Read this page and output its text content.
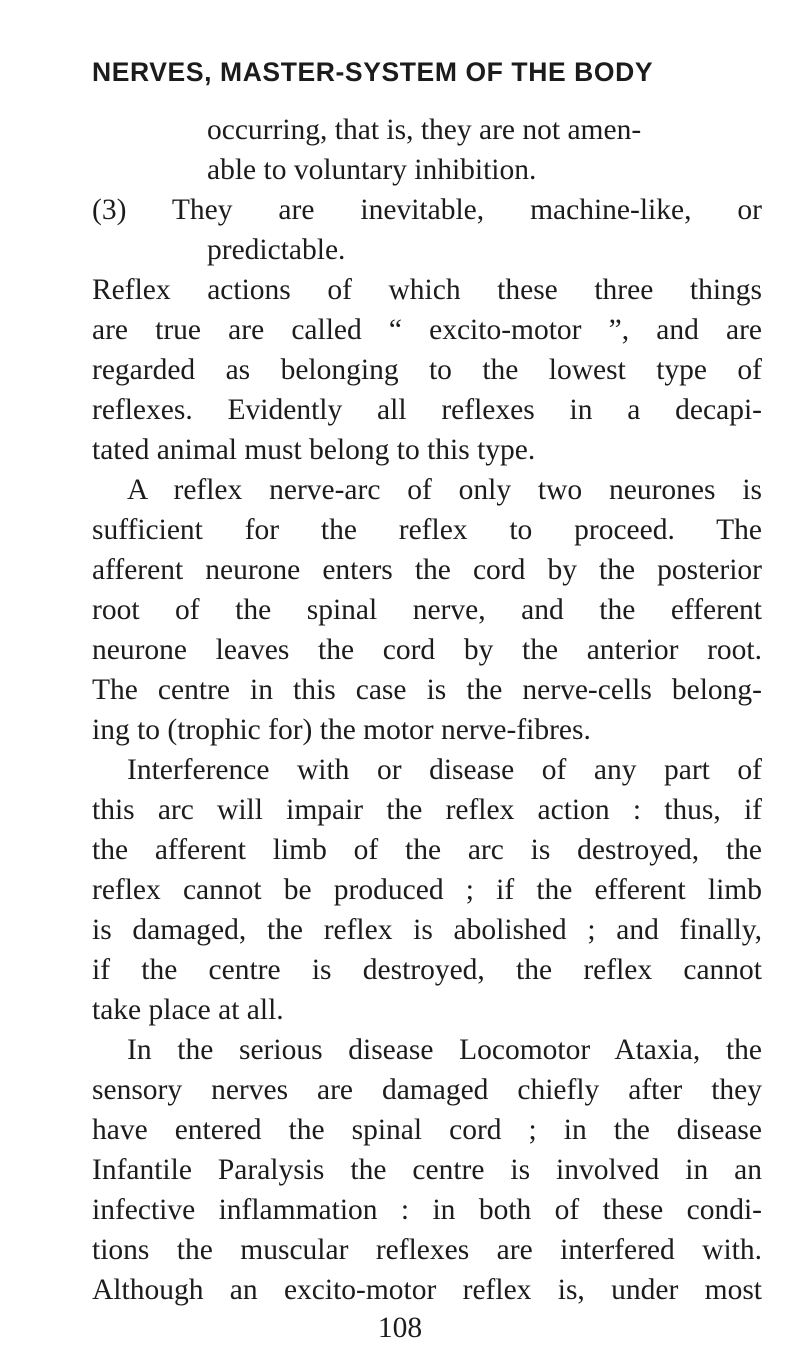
NERVES, MASTER-SYSTEM OF THE BODY
occurring, that is, they are not amen-
able to voluntary inhibition.
(3) They are inevitable, machine-like, or
predictable.
Reflex actions of which these three things
are true are called “ excito-motor ”, and are
regarded as belonging to the lowest type of
reflexes. Evidently all reflexes in a decapi-
tated animal must belong to this type.
A reflex nerve-arc of only two neurones is
sufficient for the reflex to proceed. The
afferent neurone enters the cord by the posterior
root of the spinal nerve, and the efferent
neurone leaves the cord by the anterior root.
The centre in this case is the nerve-cells belong-
ing to (trophic for) the motor nerve-fibres.
Interference with or disease of any part of
this arc will impair the reflex action : thus, if
the afferent limb of the arc is destroyed, the
reflex cannot be produced ; if the efferent limb
is damaged, the reflex is abolished ; and finally,
if the centre is destroyed, the reflex cannot
take place at all.
In the serious disease Locomotor Ataxia, the
sensory nerves are damaged chiefly after they
have entered the spinal cord ; in the disease
Infantile Paralysis the centre is involved in an
infective inflammation : in both of these condi-
tions the muscular reflexes are interfered with.
Although an excito-motor reflex is, under most
108
